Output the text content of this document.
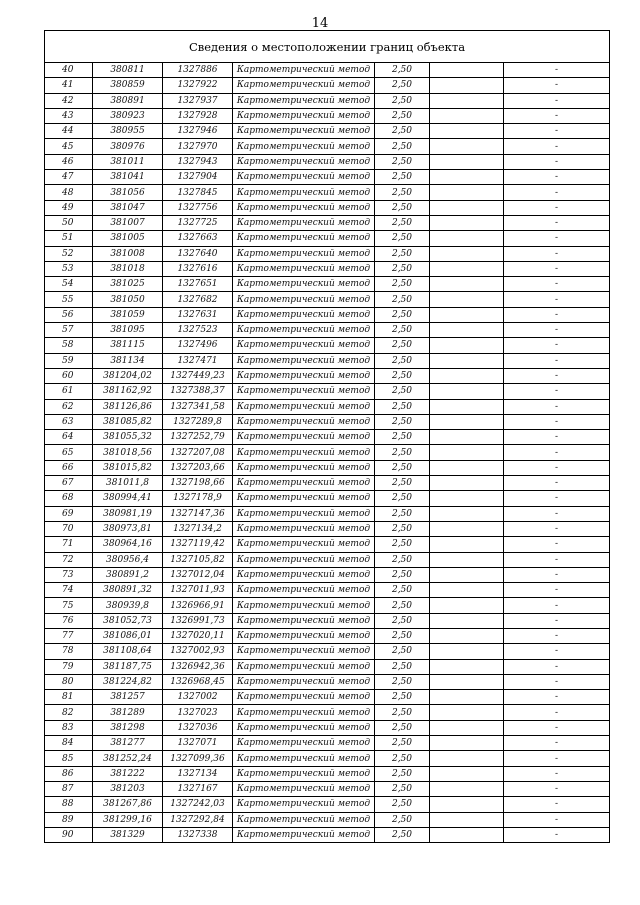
14
Сведения о местоположении границ объекта						
40	380811	1327886	Картометрический метод	2,50		-
41	380859	1327922	Картометрический метод	2,50		-
42	380891	1327937	Картометрический метод	2,50		-
43	380923	1327928	Картометрический метод	2,50		-
44	380955	1327946	Картометрический метод	2,50		-
45	380976	1327970	Картометрический метод	2,50		-
46	381011	1327943	Картометрический метод	2,50		-
47	381041	1327904	Картометрический метод	2,50		-
48	381056	1327845	Картометрический метод	2,50		-
49	381047	1327756	Картометрический метод	2,50		-
50	381007	1327725	Картометрический метод	2,50		-
51	381005	1327663	Картометрический метод	2,50		-
52	381008	1327640	Картометрический метод	2,50		-
53	381018	1327616	Картометрический метод	2,50		-
54	381025	1327651	Картометрический метод	2,50		-
55	381050	1327682	Картометрический метод	2,50		-
56	381059	1327631	Картометрический метод	2,50		-
57	381095	1327523	Картометрический метод	2,50		-
58	381115	1327496	Картометрический метод	2,50		-
59	381134	1327471	Картометрический метод	2,50		-
60	381204,02	1327449,23	Картометрический метод	2,50		-
61	381162,92	1327388,37	Картометрический метод	2,50		-
62	381126,86	1327341,58	Картометрический метод	2,50		-
63	381085,82	1327289,8	Картометрический метод	2,50		-
64	381055,32	1327252,79	Картометрический метод	2,50		-
65	381018,56	1327207,08	Картометрический метод	2,50		-
66	381015,82	1327203,66	Картометрический метод	2,50		-
67	381011,8	1327198,66	Картометрический метод	2,50		-
68	380994,41	1327178,9	Картометрический метод	2,50		-
69	380981,19	1327147,36	Картометрический метод	2,50		-
70	380973,81	1327134,2	Картометрический метод	2,50		-
71	380964,16	1327119,42	Картометрический метод	2,50		-
72	380956,4	1327105,82	Картометрический метод	2,50		-
73	380891,2	1327012,04	Картометрический метод	2,50		-
74	380891,32	1327011,93	Картометрический метод	2,50		-
75	380939,8	1326966,91	Картометрический метод	2,50		-
76	381052,73	1326991,73	Картометрический метод	2,50		-
77	381086,01	1327020,11	Картометрический метод	2,50		-
78	381108,64	1327002,93	Картометрический метод	2,50		-
79	381187,75	1326942,36	Картометрический метод	2,50		-
80	381224,82	1326968,45	Картометрический метод	2,50		-
81	381257	1327002	Картометрический метод	2,50		-
82	381289	1327023	Картометрический метод	2,50		-
83	381298	1327036	Картометрический метод	2,50		-
84	381277	1327071	Картометрический метод	2,50		-
85	381252,24	1327099,36	Картометрический метод	2,50		-
86	381222	1327134	Картометрический метод	2,50		-
87	381203	1327167	Картометрический метод	2,50		-
88	381267,86	1327242,03	Картометрический метод	2,50		-
89	381299,16	1327292,84	Картометрический метод	2,50		-
90	381329	1327338	Картометрический метод	2,50		-
